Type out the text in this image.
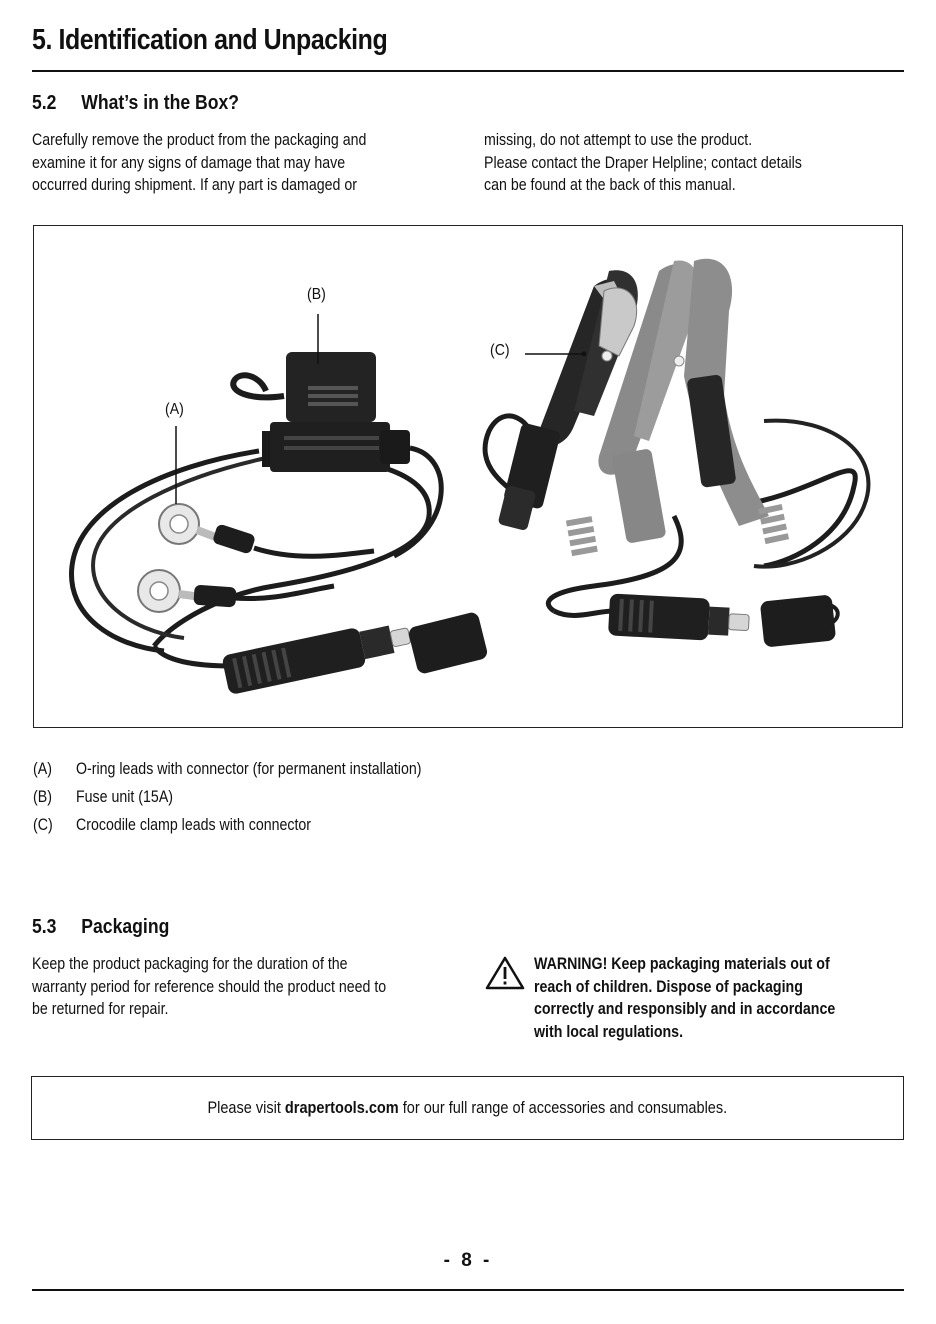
5. Identification and Unpacking
5.2 What’s in the Box?
Carefully remove the product from the packaging and
examine it for any signs of damage that may have
occurred during shipment. If any part is damaged or
missing, do not attempt to use the product.
Please contact the Draper Helpline; contact details
can be found at the back of this manual.
(B)
(A)
(C)
(A) O-ring leads with connector (for permanent installation)
(B) Fuse unit (15A)
(C) Crocodile clamp leads with connector
5.3 Packaging
Keep the product packaging for the duration of the
warranty period for reference should the product need to
be returned for repair.
WARNING! Keep packaging materials out of
reach of children. Dispose of packaging
correctly and responsibly and in accordance
with local regulations.
Please visit drapertools.com for our full range of accessories and consumables.
- 8 -
